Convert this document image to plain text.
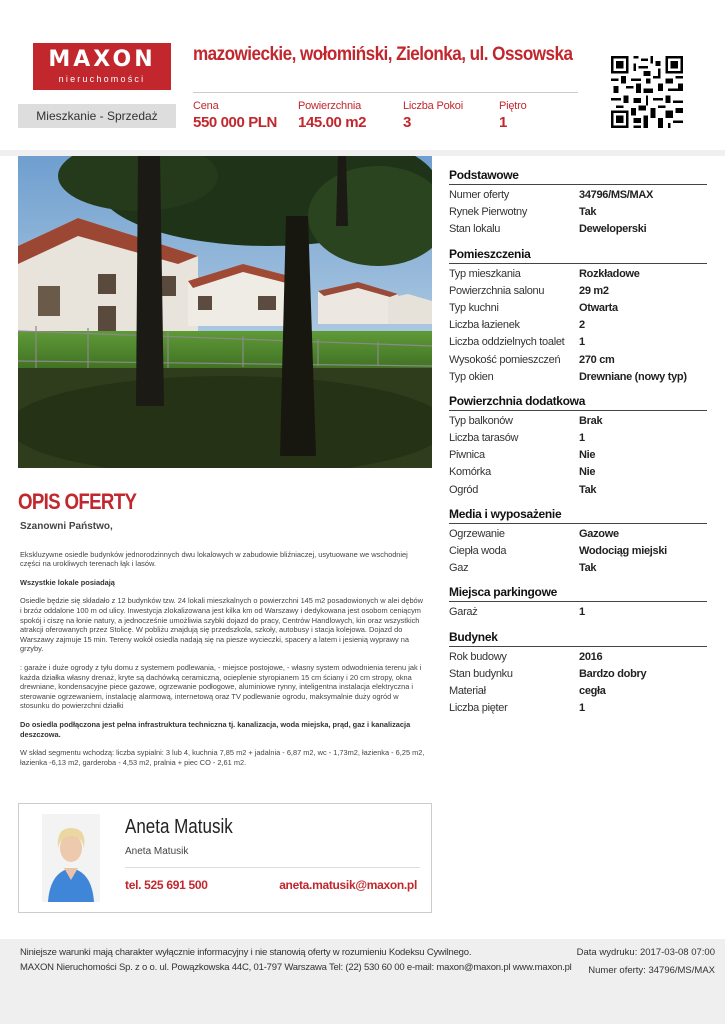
MAXON
nieruchomości
mazowieckie, wołomiński, Zielonka, ul. Ossowska
Mieszkanie - Sprzedaż
Cena
550 000 PLN
Powierzchnia
145.00 m2
Liczba Pokoi
3
Piętro
1
OPIS OFERTY
Szanowni Państwo,

Ekskluzywne osiedle budynków jednorodzinnych dwu lokalowych w zabudowie bliźniaczej, usytuowane we wschodniej części na urokliwych terenach łąk i lasów.

Wszystkie lokale posiadają

Osiedle będzie się składało z 12 budynków tzw. 24 lokali mieszkalnych o powierzchni 145 m2 posadowionych w alei dębów i brzóz oddalone 100 m od ulicy. Inwestycja zlokalizowana jest kilka km od Warszawy i dedykowana jest osobom ceniącym spokój i ciszę na łonie natury, a jednocześnie umożliwia szybki dojazd do pracy, Centrów Handlowych, kin oraz wszystkich atrakcji oferowanych przez Stolicę. W pobliżu znajdują się przedszkola, szkoły, autobusy i stacja kolejowa. Dojazd do Warszawy zajmuje 15 min. Tereny wokół osiedla nadają się na piesze wycieczki, spacery a latem i jesienią wyprawy na grzyby.

: garaże i duże ogrody z tyłu domu z systemem podlewania, - miejsce postojowe, - własny system odwodnienia terenu jak i każda działka własny drenaż, kryte są dachówką ceramiczną, ocieplenie styropianem 15 cm ściany i 20 cm stropy, okna drewniane, kondensacyjne piece gazowe, ogrzewanie podłogowe, aluminiowe rynny, inteligentna instalacja elektryczna i sterowanie ogrzewaniem, instalację alarmową, internetową oraz TV podlewanie ogrodu, maksymalnie duży ogród w stosunku do powierzchni działki

Do osiedla podłączona jest pełna infrastruktura techniczna tj. kanalizacja, woda miejska, prąd, gaz i kanalizacja deszczowa.

W skład segmentu wchodzą: liczba sypialni: 3 lub 4, kuchnia 7,85 m2 + jadalnia - 6,87 m2, wc - 1,73m2, łazienka - 6,25 m2, łazienka -6,13 m2, garderoba - 4,53 m2, pralnia + piec CO - 2,61 m2.

Aneta Matusik
Aneta Matusik
tel. 525 691 500	aneta.matusik@maxon.pl
Podstawowe
Numer oferty	34796/MS/MAX
Rynek Pierwotny	Tak
Stan lokalu	Deweloperski
Pomieszczenia
Typ mieszkania	Rozkładowe
Powierzchnia salonu	29 m2
Typ kuchni	Otwarta
Liczba łazienek	2
Liczba oddzielnych toalet	1
Wysokość pomieszczeń	270 cm
Typ okien	Drewniane (nowy typ)
Powierzchnia dodatkowa
Typ balkonów	Brak
Liczba tarasów	1
Piwnica	Nie
Komórka	Nie
Ogród	Tak
Media i wyposażenie
Ogrzewanie	Gazowe
Ciepła woda	Wodociąg miejski
Gaz	Tak
Miejsca parkingowe
Garaż	1
Budynek
Rok budowy	2016
Stan budynku	Bardzo dobry
Materiał	cegła
Liczba pięter	1
Niniejsze warunki mają charakter wyłącznie informacyjny i nie stanowią oferty w rozumieniu Kodeksu Cywilnego.
MAXON Nieruchomości Sp. z o o. ul. Powązkowska 44C, 01-797 Warszawa Tel: (22) 530 60 00 e-mail: maxon@maxon.pl www.maxon.pl
Data wydruku: 2017-03-08 07:00
Numer oferty: 34796/MS/MAX
